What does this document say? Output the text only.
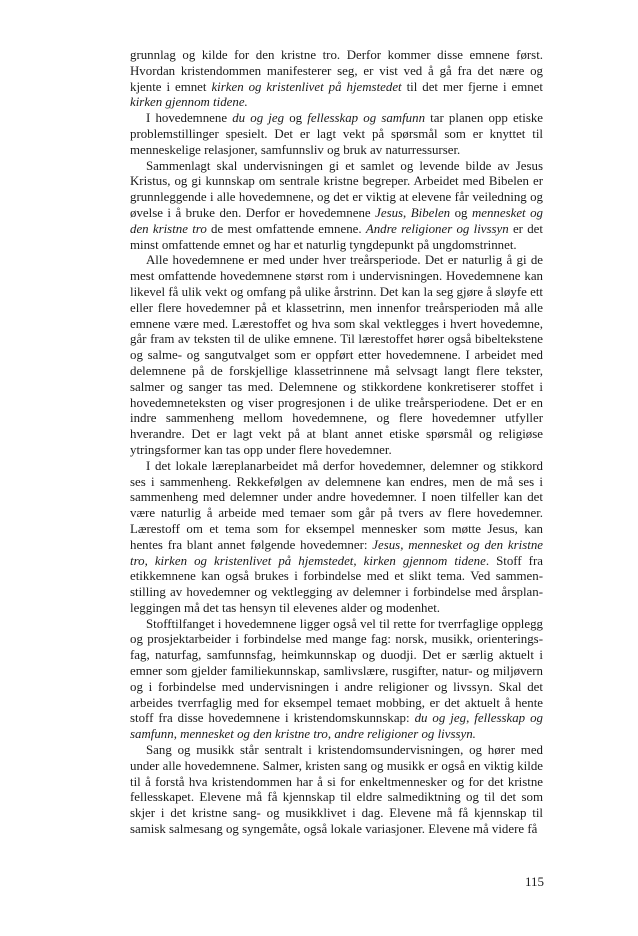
grunnlag og kilde for den kristne tro. Derfor kommer disse emnene først. Hvordan kristendommen manifesterer seg, er vist ved å gå fra det nære og kjente i emnet kirken og kristenlivet på hjemstedet til det mer fjerne i emnet kirken gjennom tidene.

I hovedemnene du og jeg og fellesskap og samfunn tar planen opp etiske problemstillinger spesielt. Det er lagt vekt på spørsmål som er knyttet til menneskelige relasjoner, samfunnsliv og bruk av naturressurser.

Sammenlagt skal undervisningen gi et samlet og levende bilde av Jesus Kristus, og gi kunnskap om sentrale kristne begreper. Arbeidet med Bibelen er grunnleggende i alle hovedemnene, og det er viktig at elevene får veiledning og øvelse i å bruke den. Derfor er hovedemnene Jesus, Bibelen og mennesket og den kristne tro de mest omfattende emnene. Andre religioner og livssyn er det minst omfattende emnet og har et naturlig tyngdepunkt på ungdomstrinnet.

Alle hovedemnene er med under hver treårsperiode. Det er naturlig å gi de mest omfattende hovedemnene størst rom i undervisningen. Hovedemnene kan likevel få ulik vekt og omfang på ulike årstrinn. Det kan la seg gjøre å sløyfe ett eller flere hovedemner på et klassetrinn, men innenfor treårsperioden må alle emnene være med. Lærestoffet og hva som skal vektlegges i hvert hovedemne, går fram av teksten til de ulike emnene. Til lærestoffet hører også bibeltekstene og salme- og sangutvalget som er oppført etter hovedemnene. I arbeidet med delemnene på de forskjellige klassetrinnene må selvsagt langt flere tekster, salmer og sanger tas med. Delemnene og stikkordene konkretiserer stoffet i hovedemneteksten og viser progresjonen i de ulike treårsperiodene. Det er en indre sammenheng mellom hovedemnene, og flere hovedemner utfyller hverandre. Det er lagt vekt på at blant annet etiske spørsmål og religiøse ytringsformer kan tas opp under flere hovedemner.

I det lokale læreplanarbeidet må derfor hovedemner, delemner og stikkord ses i sammenheng. Rekkefølgen av delemnene kan endres, men de må ses i sammenheng med delemner under andre hovedemner. I noen tilfeller kan det være naturlig å arbeide med temaer som går på tvers av flere hovedemner. Lærestoff om et tema som for eksempel mennesker som møtte Jesus, kan hentes fra blant annet følgende hovedemner: Jesus, mennesket og den kristne tro, kirken og kristenlivet på hjemstedet, kirken gjennom tidene. Stoff fra etikkemnene kan også brukes i forbindelse med et slikt tema. Ved sammenstilling av hovedemner og vektlegging av delemner i forbindelse med årsplanleggingen må det tas hensyn til elevenes alder og modenhet.

Stofftilfanget i hovedemnene ligger også vel til rette for tverrfaglige opplegg og prosjektarbeider i forbindelse med mange fag: norsk, musikk, orienteringsfag, naturfag, samfunnsfag, heimkunnskap og duodji. Det er særlig aktuelt i emner som gjelder familiekunnskap, samlivslære, rusgifter, natur- og miljøvern og i forbindelse med undervisningen i andre religioner og livssyn. Skal det arbeides tverrfaglig med for eksempel temaet mobbing, er det aktuelt å hente stoff fra disse hovedemnene i kristendomskunnskap: du og jeg, fellesskap og samfunn, mennesket og den kristne tro, andre religioner og livssyn.

Sang og musikk står sentralt i kristendomsundervisningen, og hører med under alle hovedemnene. Salmer, kristen sang og musikk er også en viktig kilde til å forstå hva kristendommen har å si for enkeltmennesker og for det kristne fellesskapet. Elevene må få kjennskap til eldre salmediktning og til det som skjer i det kristne sang- og musikklivet i dag. Elevene må få kjennskap til samisk salmesang og syngemåte, også lokale variasjoner. Elevene må videre få

115
